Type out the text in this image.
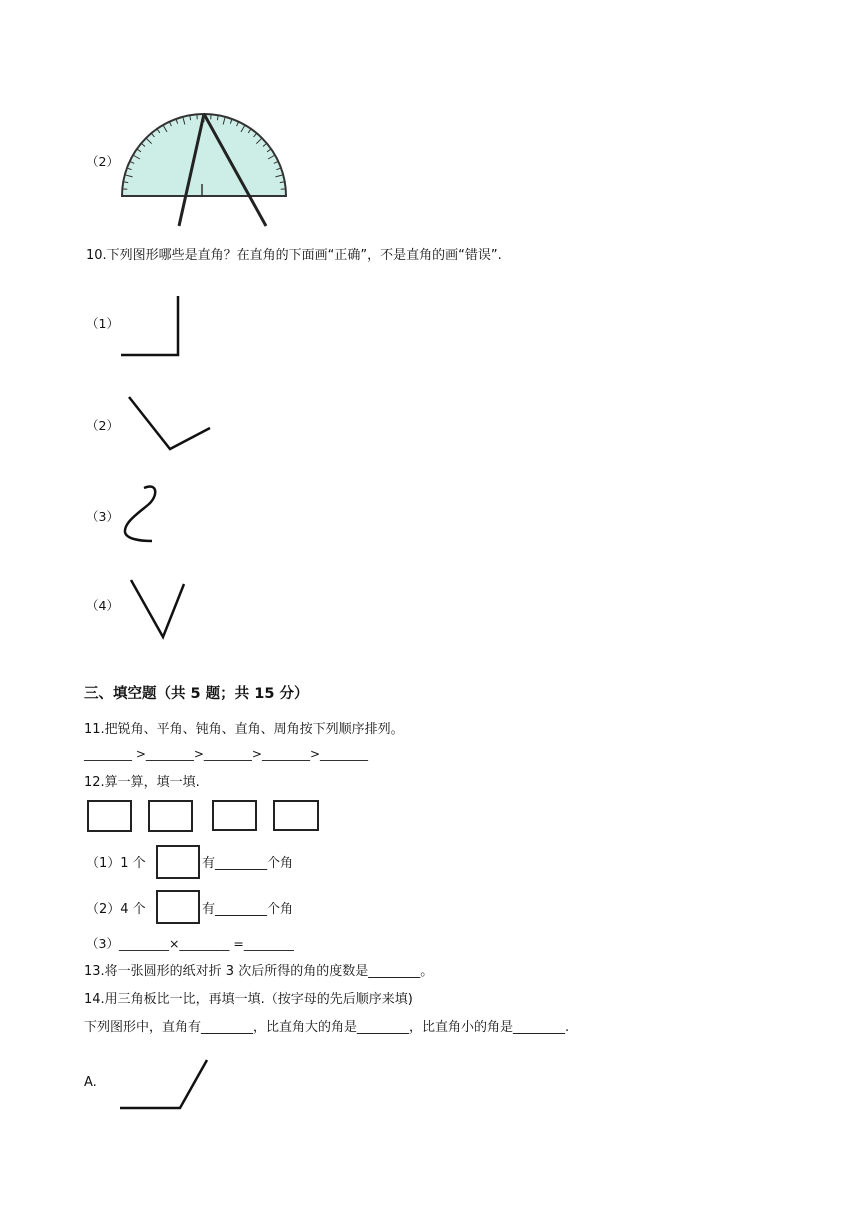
（2）
10.下列图形哪些是直角？在直角的下面画“正确”，不是直角的画“错误”.
（1）
（2）
（3）
（4）
三、填空题（共 5 题；共 15 分）
11.把锐角、平角、钝角、直角、周角按下列顺序排列。
________ >________>________>________>________
12.算一算，填一填.
（1）1 个	有________个角
（2）4 个	有________个角
（3）________×________ =________
13.将一张圆形的纸对折 3 次后所得的角的度数是________。
14.用三角板比一比，再填一填.（按字母的先后顺序来填)
下列图形中，直角有________，比直角大的角是________，比直角小的角是________.
A.
